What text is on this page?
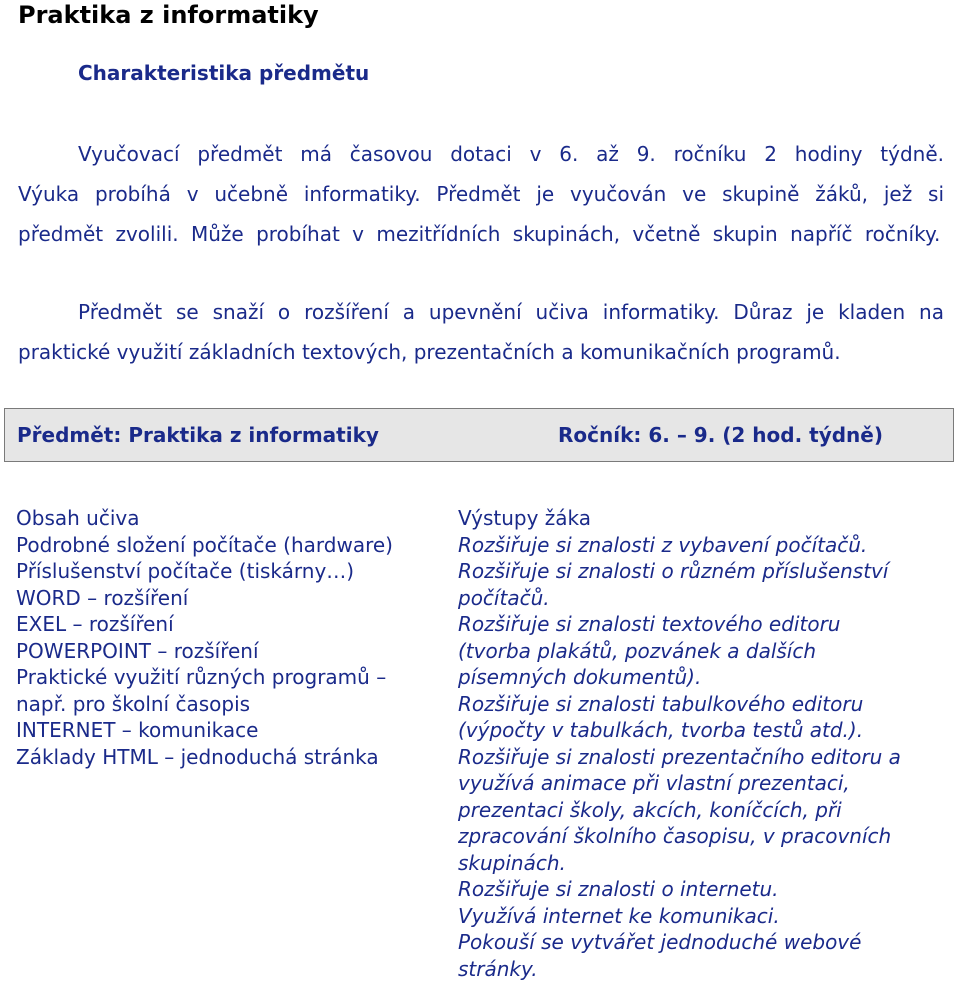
Praktika z informatiky
Charakteristika předmětu
Vyučovací předmět má časovou dotaci v 6. až 9. ročníku 2 hodiny týdně. Výuka probíhá v učebně informatiky. Předmět je vyučován ve skupině žáků, jež si předmět zvolili. Může probíhat v mezitřídních skupinách, včetně skupin napříč ročníky.
Předmět se snaží o rozšíření a upevnění učiva informatiky. Důraz je kladen na praktické využití základních textových, prezentačních a komunikačních programů.
Předmět: Praktika z informatiky	Ročník: 6. – 9. (2 hod. týdně)
Obsah učiva
Podrobné složení počítače (hardware)
Příslušenství počítače (tiskárny…)
WORD – rozšíření
EXEL – rozšíření
POWERPOINT – rozšíření
Praktické využití různých programů –
např. pro školní časopis
INTERNET – komunikace
Základy HTML – jednoduchá stránka
Výstupy žáka
Rozšiřuje si znalosti z vybavení počítačů.
Rozšiřuje si znalosti o různém příslušenství
počítačů.
Rozšiřuje si znalosti textového editoru
(tvorba plakátů, pozvánek a dalších
písemných dokumentů).
Rozšiřuje si znalosti tabulkového editoru
(výpočty v tabulkách, tvorba testů atd.).
Rozšiřuje si znalosti prezentačního editoru a
využívá animace při vlastní prezentaci,
prezentaci školy, akcích, koníčcích, při
zpracování školního časopisu, v pracovních
skupinách.
Rozšiřuje si znalosti o internetu.
Využívá internet ke komunikaci.
Pokouší se vytvářet jednoduché webové
stránky.
